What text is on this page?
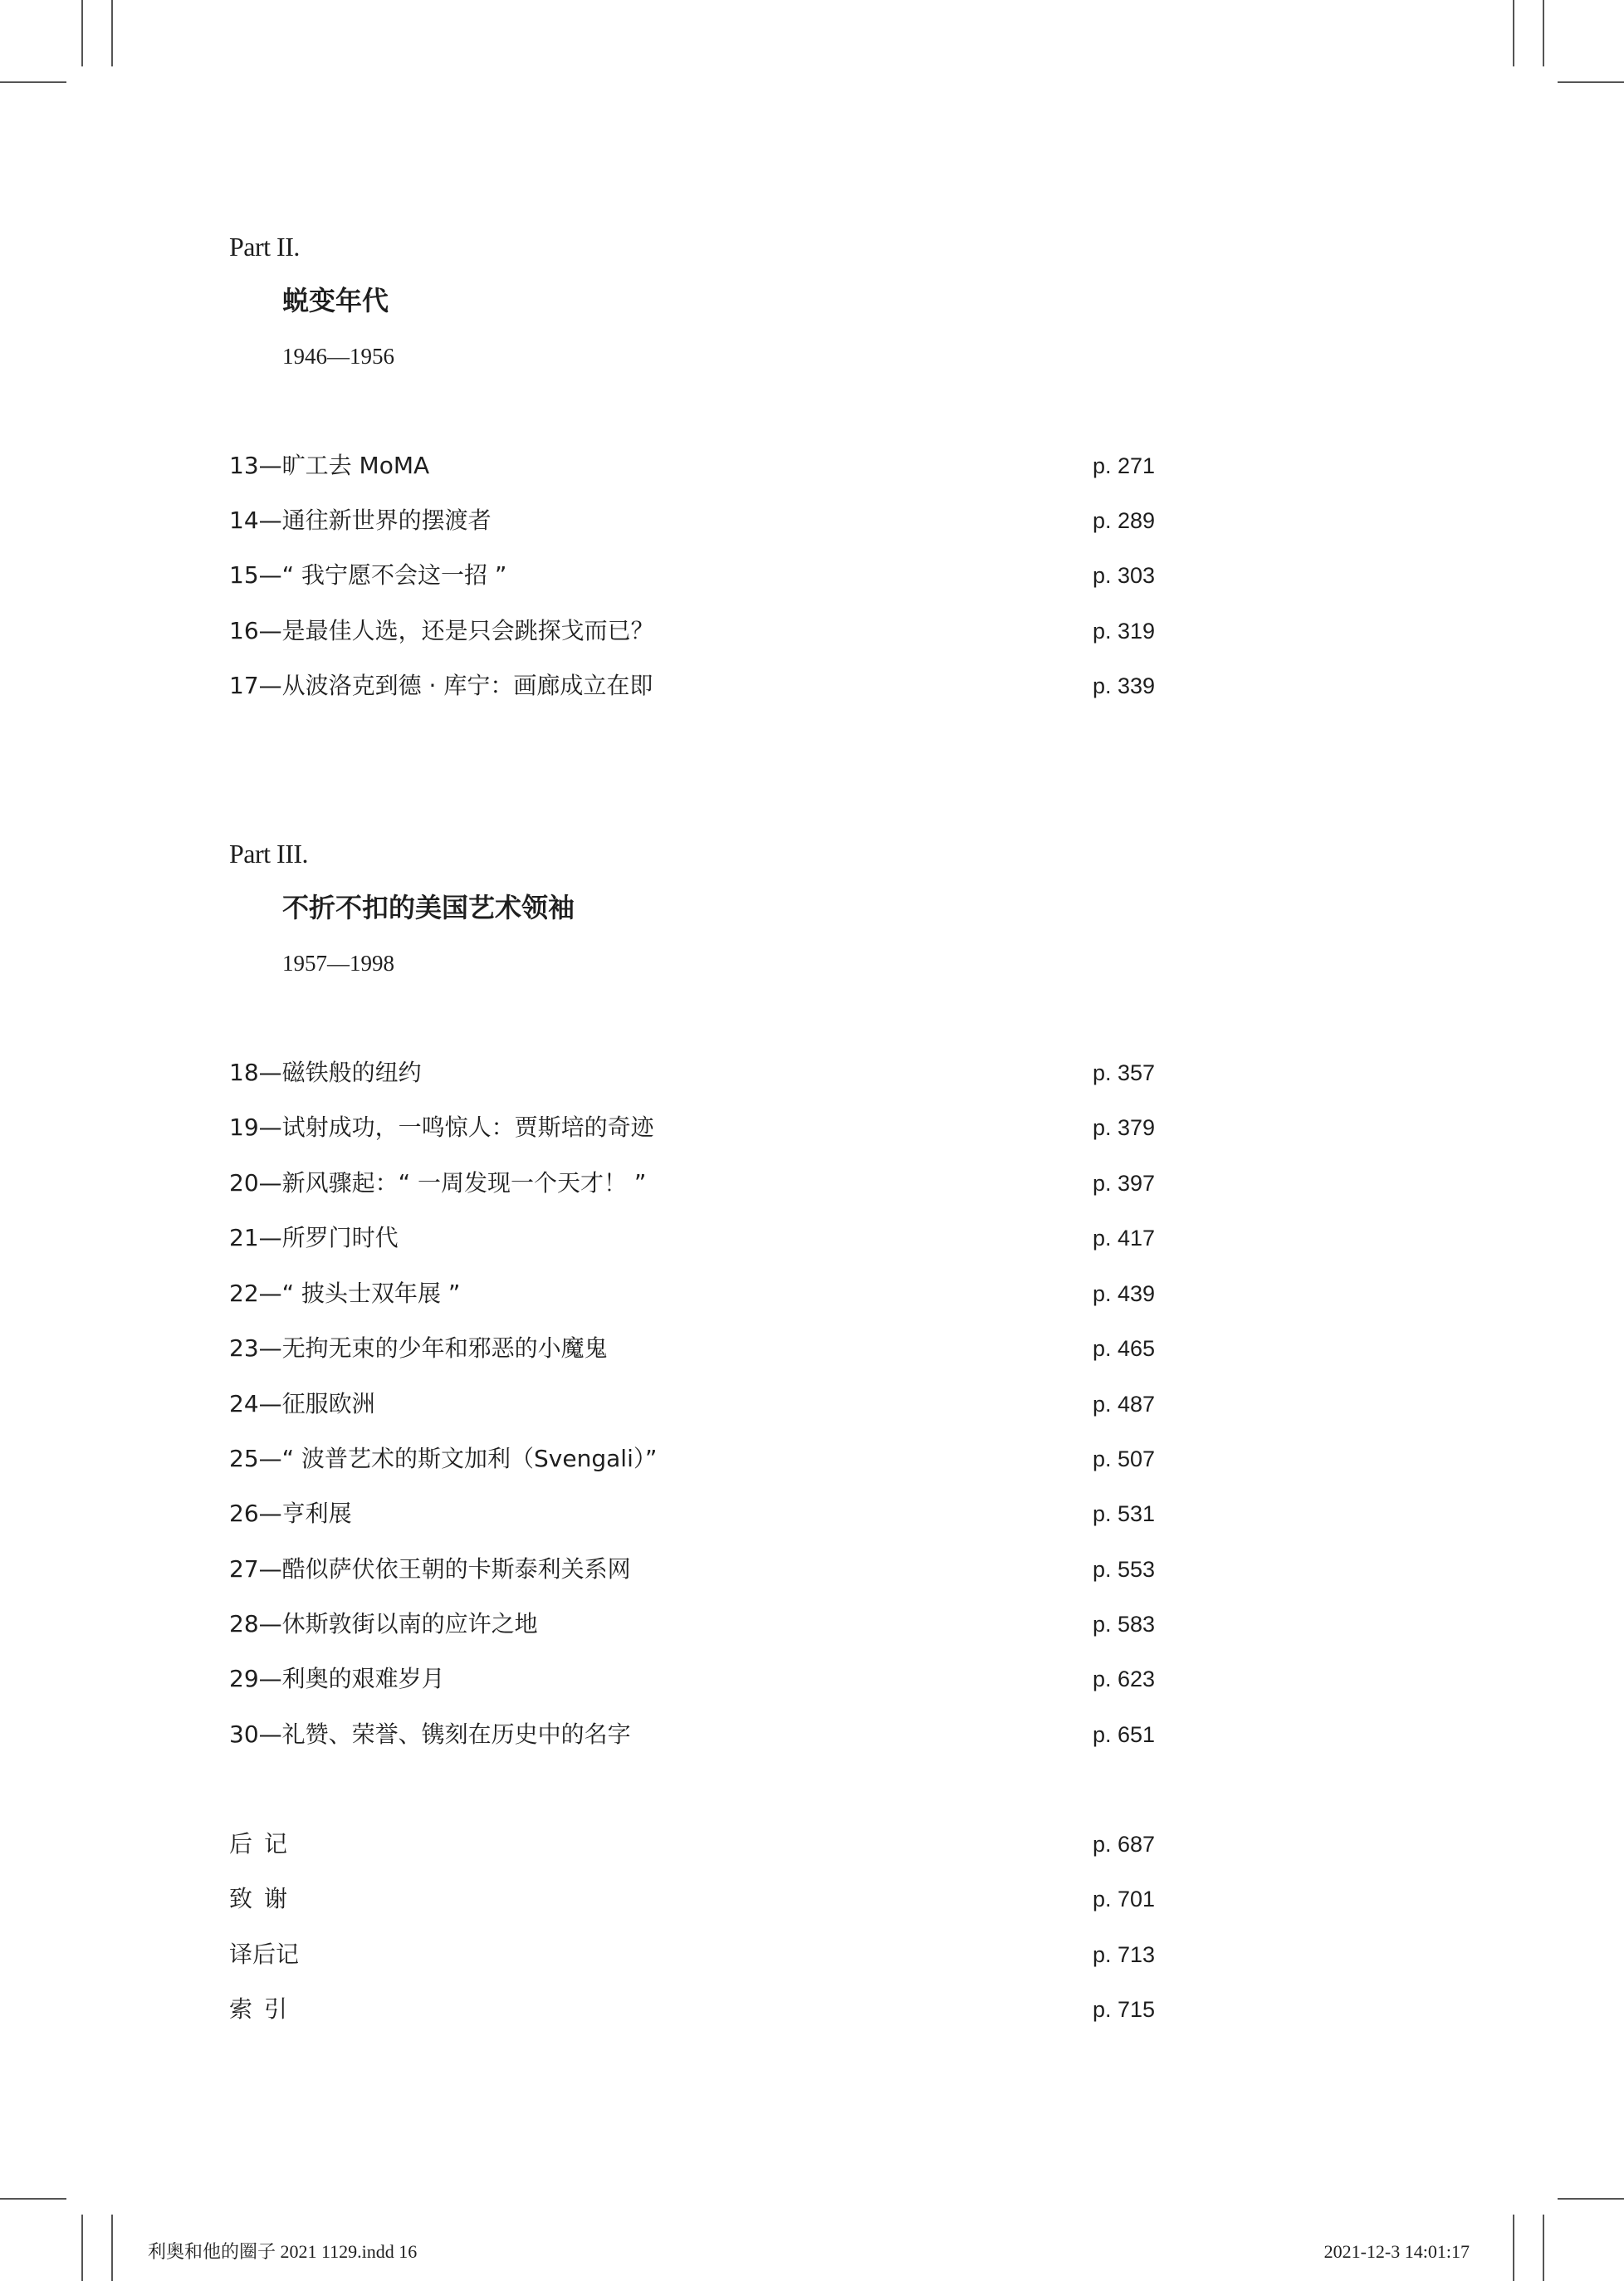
Part II.
蜕变年代
1946—1956
13—旷工去 MoMA	p. 271
14—通往新世界的摆渡者	p. 289
15—“ 我宁愿不会这一招 ”	p. 303
16—是最佳人选，还是只会跳探戈而已？	p. 319
17—从波洛克到德 · 库宁：画廊成立在即	p. 339
Part III.
不折不扣的美国艺术领袖
1957—1998
18—磁铁般的纽约	p. 357
19—试射成功，一鸣惊人：贾斯培的奇迹	p. 379
20—新风骤起：“ 一周发现一个天才！ ”	p. 397
21—所罗门时代	p. 417
22—“ 披头士双年展 ”	p. 439
23—无拘无束的少年和邪恶的小魔鬼	p. 465
24—征服欧洲	p. 487
25—“ 波普艺术的斯文加利（Svengali）”	p. 507
26—亨利展	p. 531
27—酷似萨伏依王朝的卡斯泰利关系网	p. 553
28—休斯敦街以南的应许之地	p. 583
29—利奥的艰难岁月	p. 623
30—礼赞、荣誉、镌刻在历史中的名字	p. 651
后记	p. 687
致谢	p. 701
译后记	p. 713
索引	p. 715
利奥和他的圈子 2021 1129.indd 16	2021-12-3 14:01:17
